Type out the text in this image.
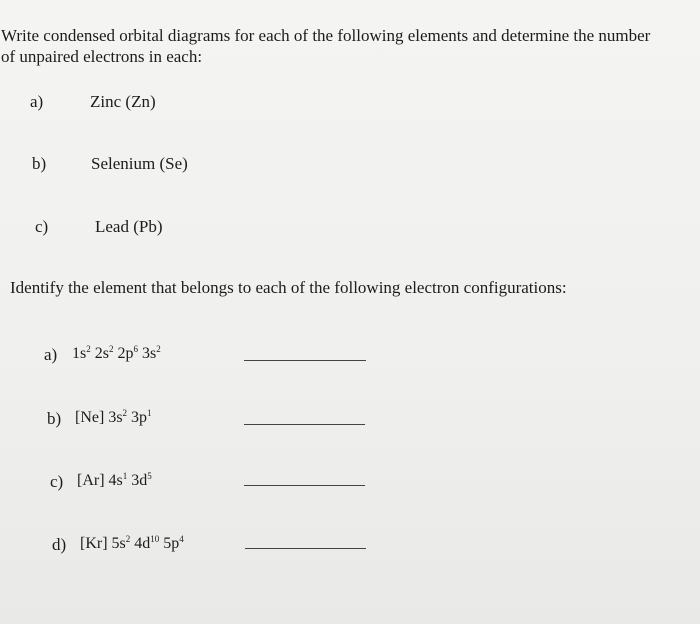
Write condensed orbital diagrams for each of the following elements and determine the number
of unpaired electrons in each:
a)	Zinc (Zn)
b)	Selenium (Se)
c)	Lead (Pb)
Identify the element that belongs to each of the following electron configurations:
a) $1s^2$ $2s^2$ $2p^6$ $3s^2$
b) [Ne] $3s^2$ $3p^1$
c) [Ar] $4s^1$ $3d^5$
d) [Kr] $5s^2$ $4d^{10}$ $5p^4$
